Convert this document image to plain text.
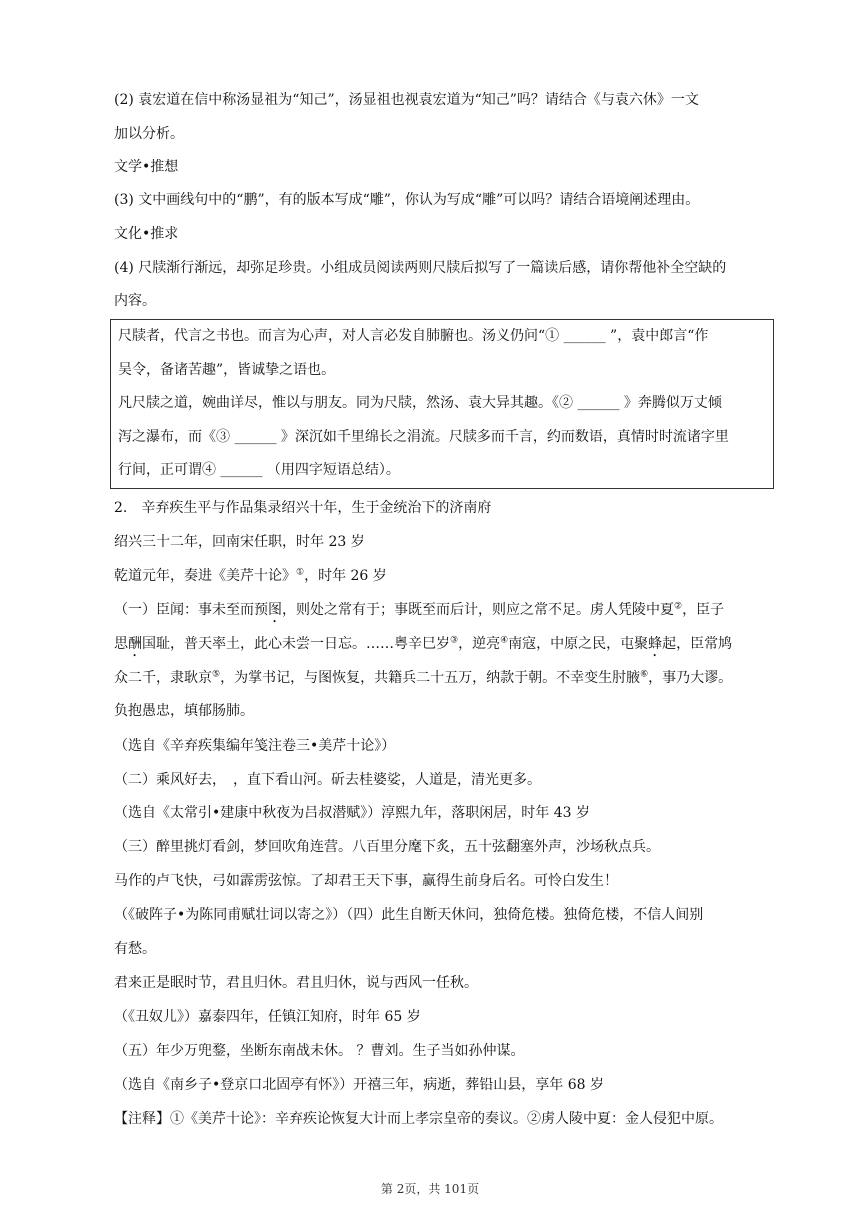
(2) 袁宏道在信中称汤显祖为“知己”，汤显祖也视袁宏道为“知己”吗？请结合《与袁六休》一文
加以分析。
文学•推想
(3) 文中画线句中的“鹏”，有的版本写成“雕”，你认为写成“雕”可以吗？请结合语境阐述理由。
文化•推求
(4) 尺牍渐行渐远，却弥足珍贵。小组成员阅读两则尺牍后拟写了一篇读后感，请你帮他补全空缺的
内容。
尺牍者，代言之书也。而言为心声，对人言必发自肺腑也。汤义仍问“① ______ ”，袁中郎言“作
吴令，备诸苦趣”，皆诚挚之语也。
凡尺牍之道，婉曲详尽，惟以与朋友。同为尺牍，然汤、袁大异其趣。《② ______ 》奔腾似万丈倾
泻之瀑布，而《③ ______ 》深沉如千里绵长之涓流。尺牍多而千言，约而数语，真情时时流诸字里
行间，正可谓④ ______ （用四字短语总结）。
2.　辛弃疾生平与作品集录绍兴十年，生于金统治下的济南府
绍兴三十二年，回南宋任职，时年 23 岁
乾道元年，奏进《美芹十论》①，时年 26 岁
（一）臣闻：事未至而预图，则处之常有于；事既至而后计，则应之常不足。虏人凭陵中夏②，臣子
思酬国耻，普天率土，此心未尝一日忘。……粤辛巳岁③，逆亮④南寇，中原之民，屯聚蜂起，臣常鸠
众二千，隶耿京⑤，为掌书记，与图恢复，共籍兵二十五万，纳款于朝。不幸变生肘腋⑥，事乃大谬。
负抱愚忠，填郁肠肺。
（选自《辛弃疾集编年笺注卷三•美芹十论》）
（二）乘风好去，　，直下看山河。斫去桂婆娑，人道是，清光更多。
（选自《太常引•建康中秋夜为吕叔潜赋》）淳熙九年，落职闲居，时年 43 岁
（三）醉里挑灯看剑，梦回吹角连营。八百里分麾下炙，五十弦翻塞外声，沙场秋点兵。
马作的卢飞快，弓如霹雳弦惊。了却君王天下事，赢得生前身后名。可怜白发生！
（《破阵子•为陈同甫赋壮词以寄之》）（四）此生自断天休问，独倚危楼。独倚危楼，不信人间别
有愁。
君来正是眠时节，君且归休。君且归休，说与西风一任秋。
（《丑奴儿》）嘉泰四年，任镇江知府，时年 65 岁
（五）年少万兜鍪，坐断东南战未休。 ？曹刘。生子当如孙仲谋。
（选自《南乡子•登京口北固亭有怀》）开禧三年，病逝，葬铅山县，享年 68 岁
【注释】①《美芹十论》：辛弃疾论恢复大计而上孝宗皇帝的奏议。②虏人陵中夏：金人侵犯中原。
第 2页，共 101页
